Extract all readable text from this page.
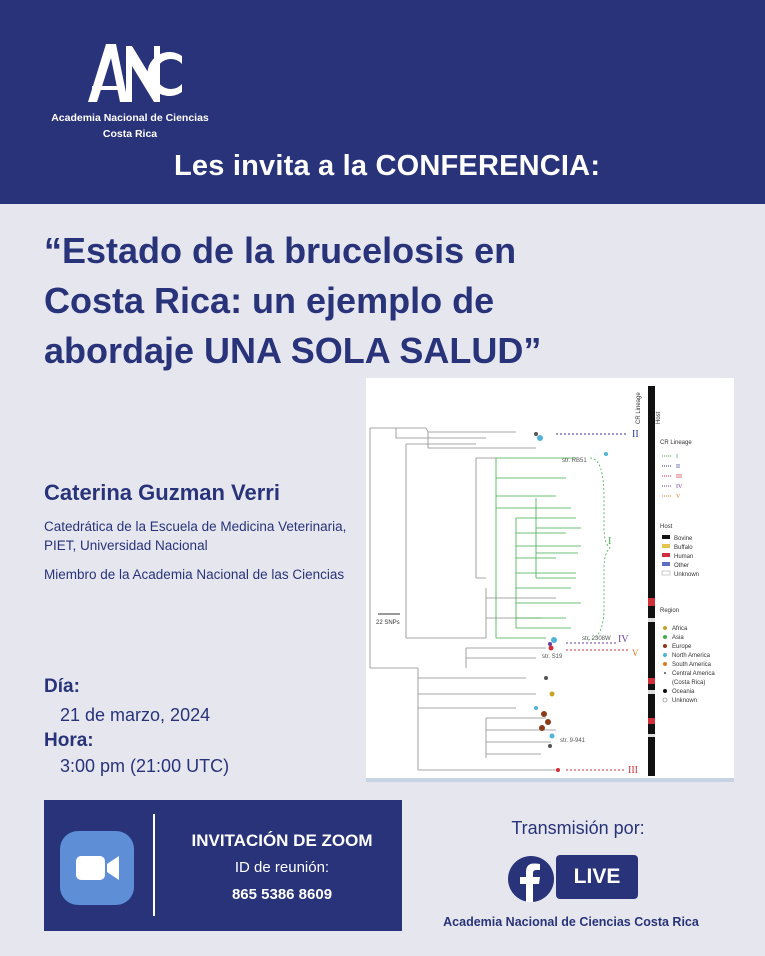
Academia Nacional de Ciencias
Costa Rica
Les invita a la CONFERENCIA:
“Estado de la brucelosis en
Costa Rica: un ejemplo de
abordaje UNA SOLA SALUD”
Caterina Guzman Verri
Catedrática de la Escuela de Medicina Veterinaria, PIET, Universidad Nacional
Miembro de la Academia Nacional de las Ciencias
Día:
21 de marzo, 2024
Hora:
3:00 pm (21:00 UTC)
II
I
IV
V
III
str. RB51
str. 2308W
str. S19
str. 9-941
22 SNPs
CR Lineage Host
CR Lineage
I
II
III
IV
V
Host
Bovine
Buffalo
Human
Other
Unknown
Region
Africa
Asia
Europe
North America
South America
Central America
(Costa Rica)
Oceania
Unknown
INVITACIÓN DE ZOOM
ID de reunión:
865 5386 8609
Transmisión por:
LIVE
Academia Nacional de Ciencias Costa Rica
